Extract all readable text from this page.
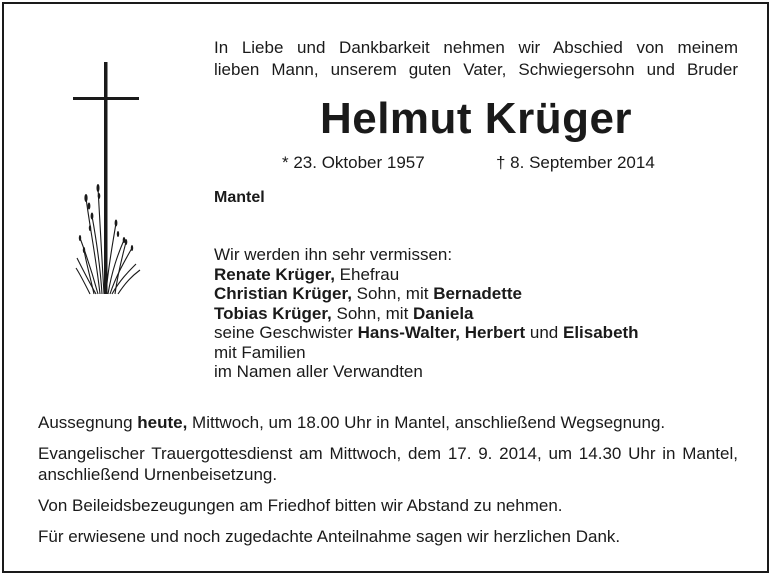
In Liebe und Dankbarkeit nehmen wir Abschied von meinem
lieben Mann, unserem guten Vater, Schwiegersohn und Bruder
Helmut Krüger
* 23. Oktober 1957	† 8. September 2014
Mantel
Wir werden ihn sehr vermissen:
Renate Krüger, Ehefrau
Christian Krüger, Sohn, mit Bernadette
Tobias Krüger, Sohn, mit Daniela
seine Geschwister Hans-Walter, Herbert und Elisabeth
mit Familien
im Namen aller Verwandten

Aussegnung heute, Mittwoch, um 18.00 Uhr in Mantel, anschließend Wegsegnung.

Evangelischer Trauergottesdienst am Mittwoch, dem 17. 9. 2014, um 14.30 Uhr in Mantel, anschließend Urnenbeisetzung.

Von Beileidsbezeugungen am Friedhof bitten wir Abstand zu nehmen.

Für erwiesene und noch zugedachte Anteilnahme sagen wir herzlichen Dank.
